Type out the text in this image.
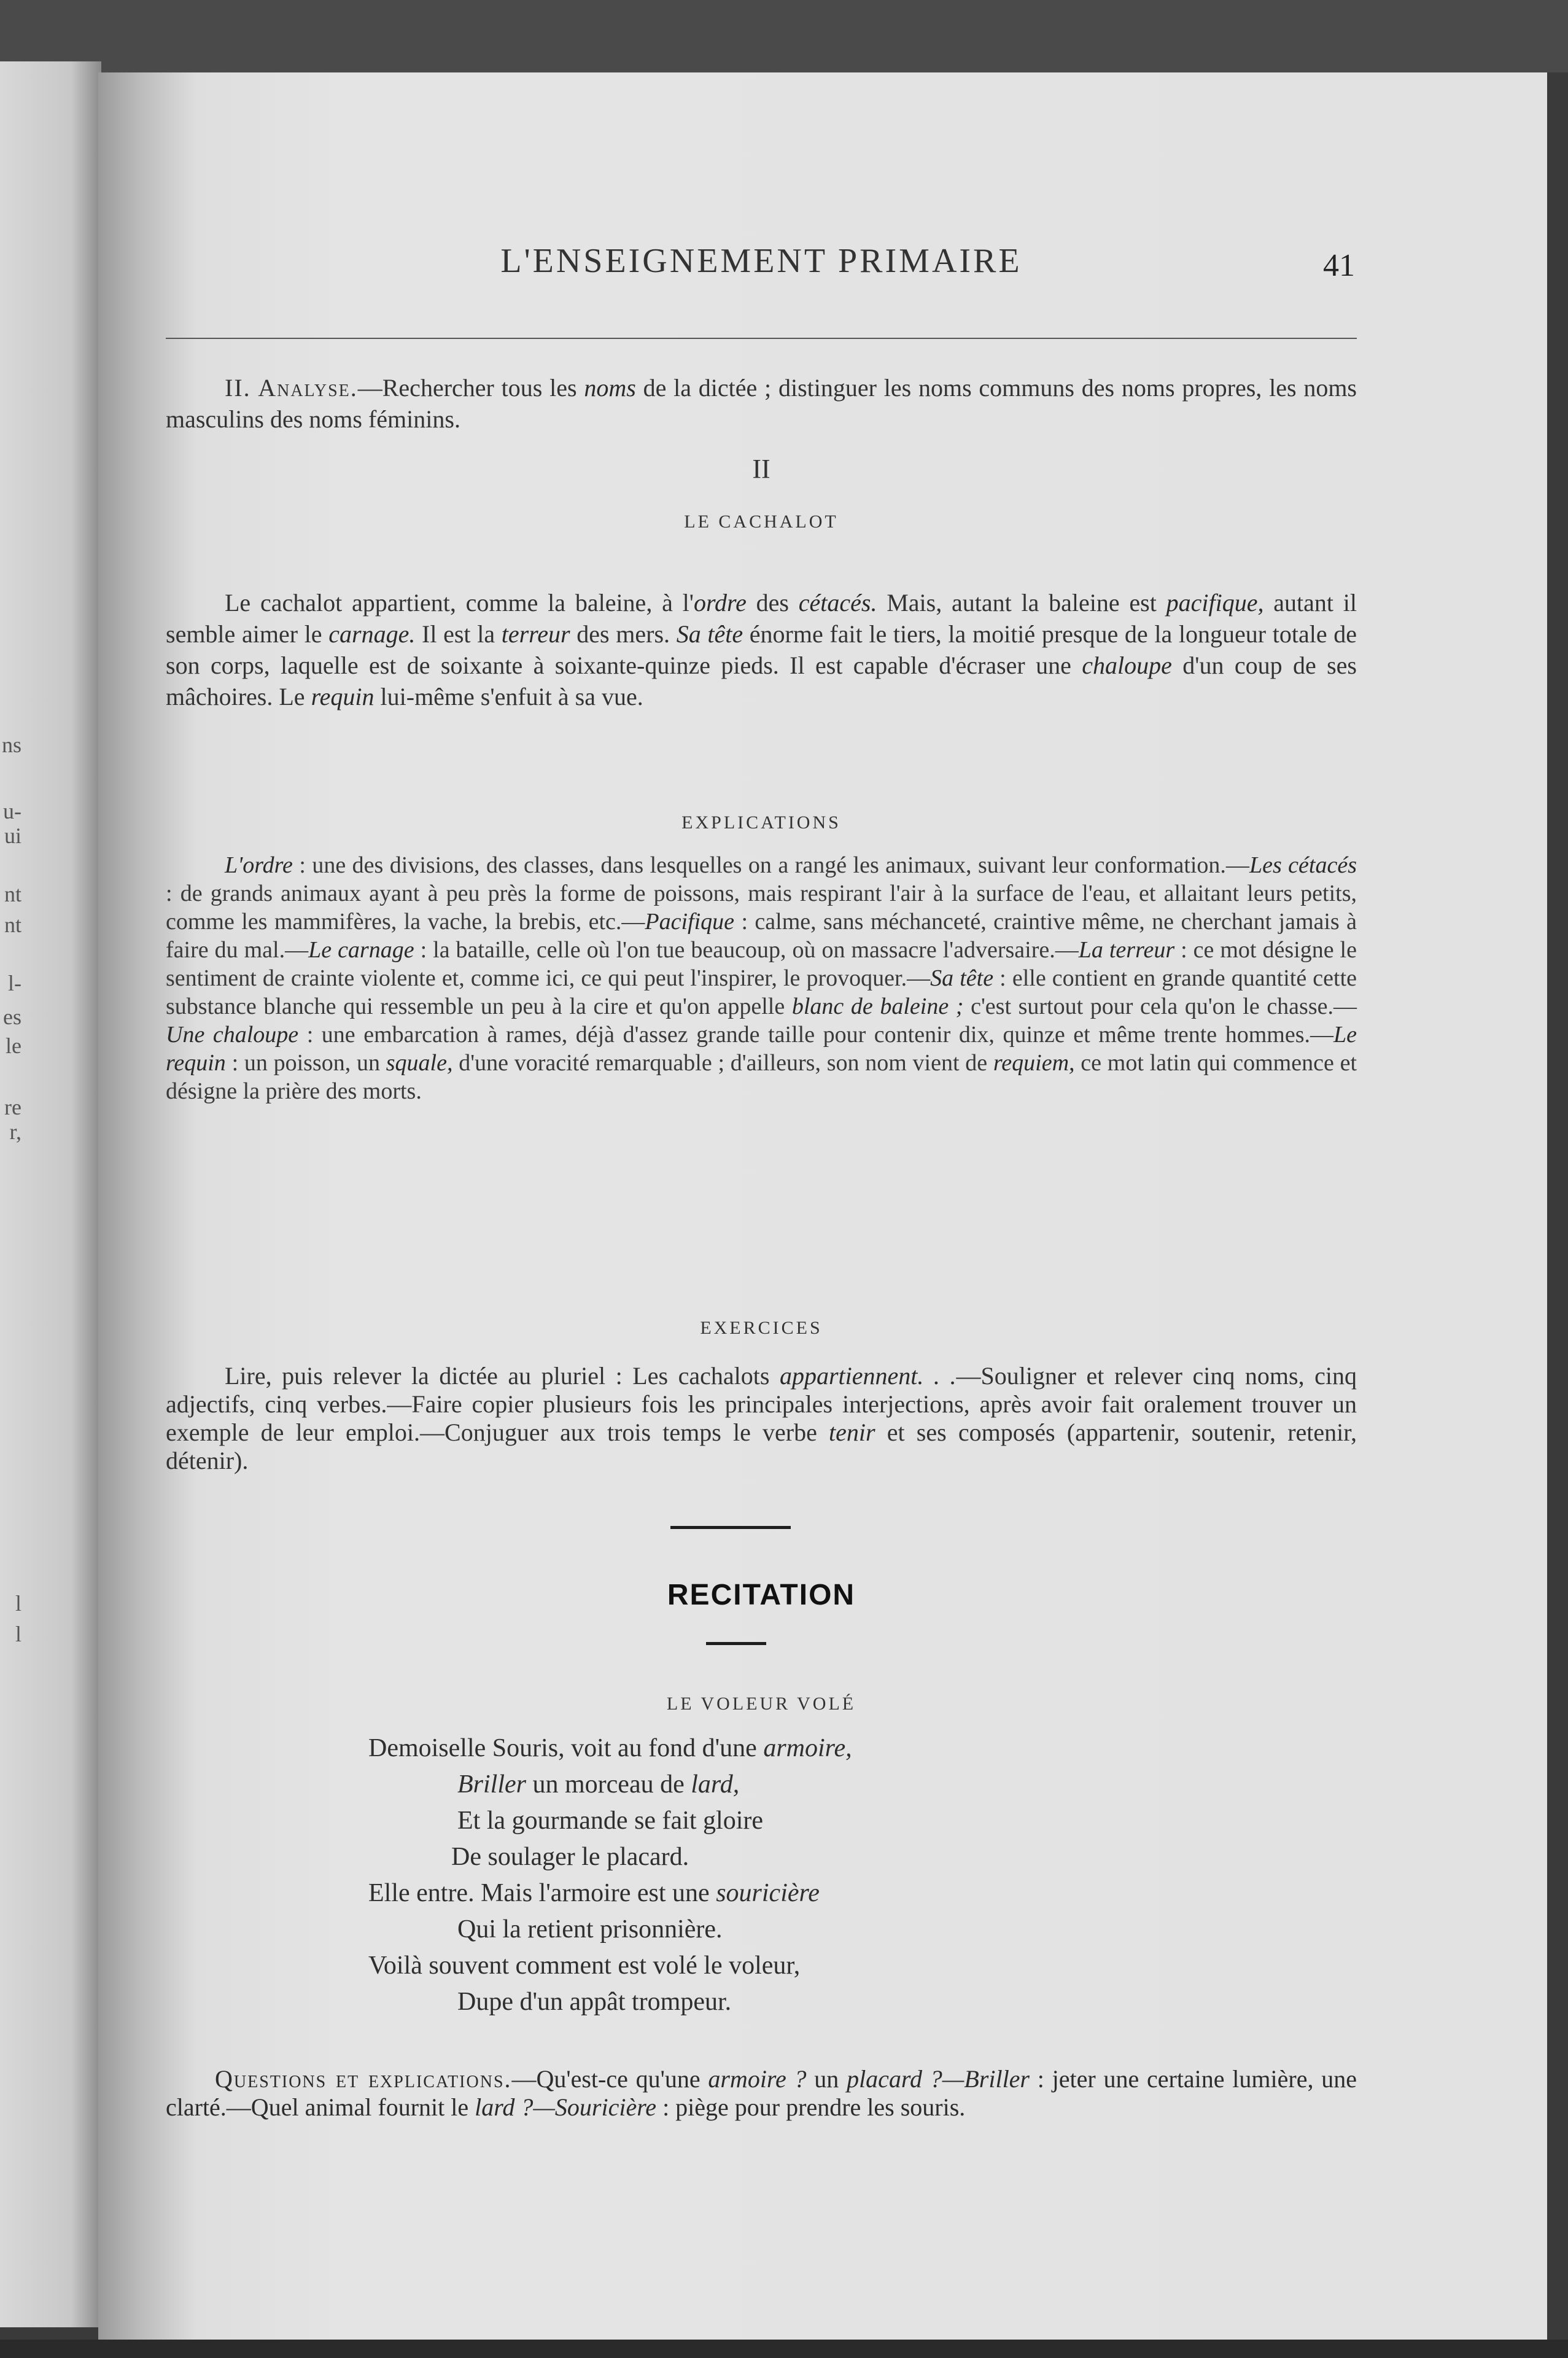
ns
u-
ui
nt
nt
l-
es
le
re
r,
l
l
L'ENSEIGNEMENT PRIMAIRE	41
II. Analyse.—Rechercher tous les noms de la dictée ; distinguer les noms communs des noms propres, les noms masculins des noms féminins.
II
LE CACHALOT
Le cachalot appartient, comme la baleine, à l'ordre des cétacés. Mais, autant la baleine est pacifique, autant il semble aimer le carnage. Il est la terreur des mers. Sa tête énorme fait le tiers, la moitié presque de la longueur totale de son corps, laquelle est de soixante à soixante-quinze pieds. Il est capable d'écraser une chaloupe d'un coup de ses mâchoires. Le requin lui-même s'enfuit à sa vue.
EXPLICATIONS
L'ordre : une des divisions, des classes, dans lesquelles on a rangé les animaux, suivant leur conformation.—Les cétacés : de grands animaux ayant à peu près la forme de poissons, mais respirant l'air à la surface de l'eau, et allaitant leurs petits, comme les mammifères, la vache, la brebis, etc.—Pacifique : calme, sans méchanceté, craintive même, ne cherchant jamais à faire du mal.—Le carnage : la bataille, celle où l'on tue beaucoup, où on massacre l'adversaire.—La terreur : ce mot désigne le sentiment de crainte violente et, comme ici, ce qui peut l'inspirer, le provoquer.—Sa tête : elle contient en grande quantité cette substance blanche qui ressemble un peu à la cire et qu'on appelle blanc de baleine ; c'est surtout pour cela qu'on le chasse.—Une chaloupe : une embarcation à rames, déjà d'assez grande taille pour contenir dix, quinze et même trente hommes.—Le requin : un poisson, un squale, d'une voracité remarquable ; d'ailleurs, son nom vient de requiem, ce mot latin qui commence et désigne la prière des morts.
EXERCICES
Lire, puis relever la dictée au pluriel : Les cachalots appartiennent. . .—Souligner et relever cinq noms, cinq adjectifs, cinq verbes.—Faire copier plusieurs fois les principales interjections, après avoir fait oralement trouver un exemple de leur emploi.—Conjuguer aux trois temps le verbe tenir et ses composés (appartenir, soutenir, retenir, détenir).
RECITATION
LE VOLEUR VOLÉ
Demoiselle Souris, voit au fond d'une armoire,
Briller un morceau de lard,
Et la gourmande se fait gloire
De soulager le placard.
Elle entre. Mais l'armoire est une souricière
Qui la retient prisonnière.
Voilà souvent comment est volé le voleur,
Dupe d'un appât trompeur.
Questions et explications.—Qu'est-ce qu'une armoire ? un placard ?—Briller : jeter une certaine lumière, une clarté.—Quel animal fournit le lard ?—Souricière : piège pour prendre les souris.
